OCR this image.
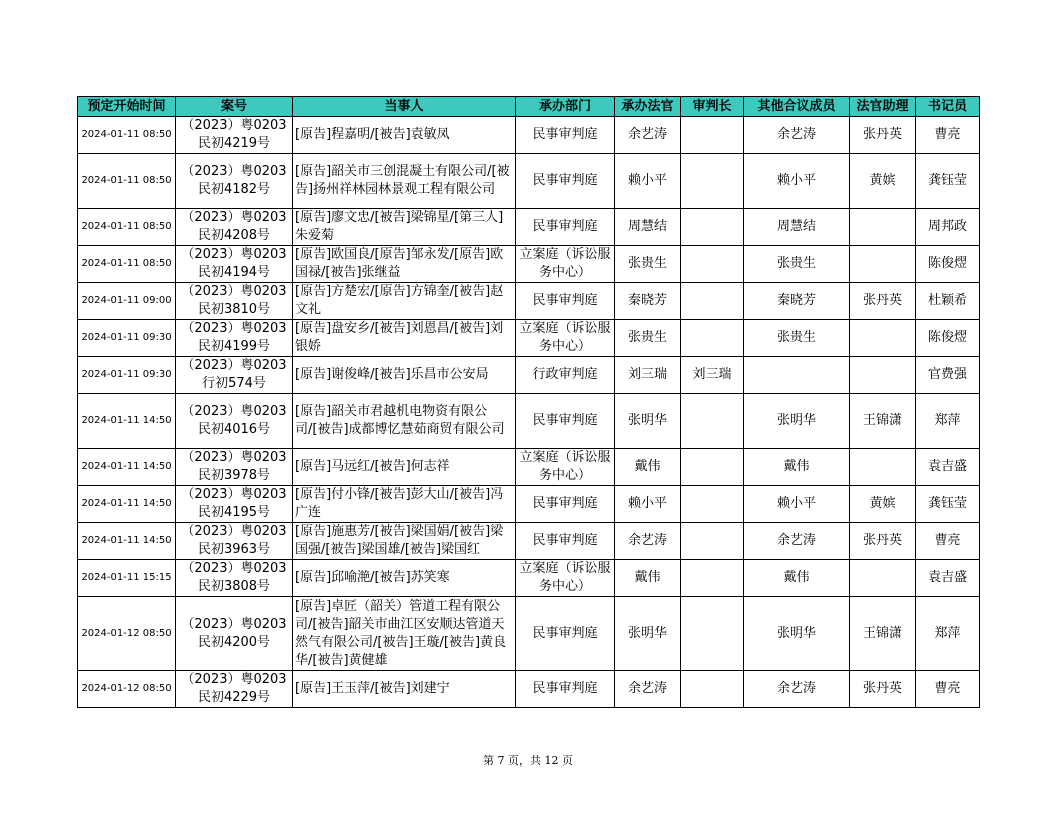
预定开始时间	案号	当事人	承办部门	承办法官	审判长	其他合议成员	法官助理	书记员
2024-01-11 08:50	（2023）粤0203民初4219号	[原告]程嘉明/[被告]袁敏凤	民事审判庭	余艺涛		余艺涛	张丹英	曹亮
2024-01-11 08:50	（2023）粤0203民初4182号	[原告]韶关市三创混凝土有限公司/[被告]扬州祥林园林景观工程有限公司	民事审判庭	赖小平		赖小平	黄嫔	龚钰莹
2024-01-11 08:50	（2023）粤0203民初4208号	[原告]廖文忠/[被告]梁锦星/[第三人]朱爱菊	民事审判庭	周慧结		周慧结		周邦政
2024-01-11 08:50	（2023）粤0203民初4194号	[原告]欧国良/[原告]邹永发/[原告]欧国禄/[被告]张继益	立案庭（诉讼服务中心）	张贵生		张贵生		陈俊熤
2024-01-11 09:00	（2023）粤0203民初3810号	[原告]方楚宏/[原告]方锦奎/[被告]赵文礼	民事审判庭	秦晓芳		秦晓芳	张丹英	杜颖希
2024-01-11 09:30	（2023）粤0203民初4199号	[原告]盘安乡/[被告]刘恩昌/[被告]刘银娇	立案庭（诉讼服务中心）	张贵生		张贵生		陈俊熤
2024-01-11 09:30	（2023）粤0203行初574号	[原告]谢俊峰/[被告]乐昌市公安局	行政审判庭	刘三瑞	刘三瑞			官费强
2024-01-11 14:50	（2023）粤0203民初4016号	[原告]韶关市君越机电物资有限公司/[被告]成都博忆慧茹商贸有限公司	民事审判庭	张明华		张明华	王锦潇	郑萍
2024-01-11 14:50	（2023）粤0203民初3978号	[原告]马远红/[被告]何志祥	立案庭（诉讼服务中心）	戴伟		戴伟		袁吉盛
2024-01-11 14:50	（2023）粤0203民初4195号	[原告]付小锋/[被告]彭大山/[被告]冯广连	民事审判庭	赖小平		赖小平	黄嫔	龚钰莹
2024-01-11 14:50	（2023）粤0203民初3963号	[原告]施惠芳/[被告]梁国娟/[被告]梁国强/[被告]梁国雄/[被告]梁国红	民事审判庭	余艺涛		余艺涛	张丹英	曹亮
2024-01-11 15:15	（2023）粤0203民初3808号	[原告]邱喻滟/[被告]苏笑寒	立案庭（诉讼服务中心）	戴伟		戴伟		袁吉盛
2024-01-12 08:50	（2023）粤0203民初4200号	[原告]卓匠（韶关）管道工程有限公司/[被告]韶关市曲江区安顺达管道天然气有限公司/[被告]王璇/[被告]黄良华/[被告]黄健雄	民事审判庭	张明华		张明华	王锦潇	郑萍
2024-01-12 08:50	（2023）粤0203民初4229号	[原告]王玉萍/[被告]刘建宁	民事审判庭	余艺涛		余艺涛	张丹英	曹亮
第 7 页，共 12 页
